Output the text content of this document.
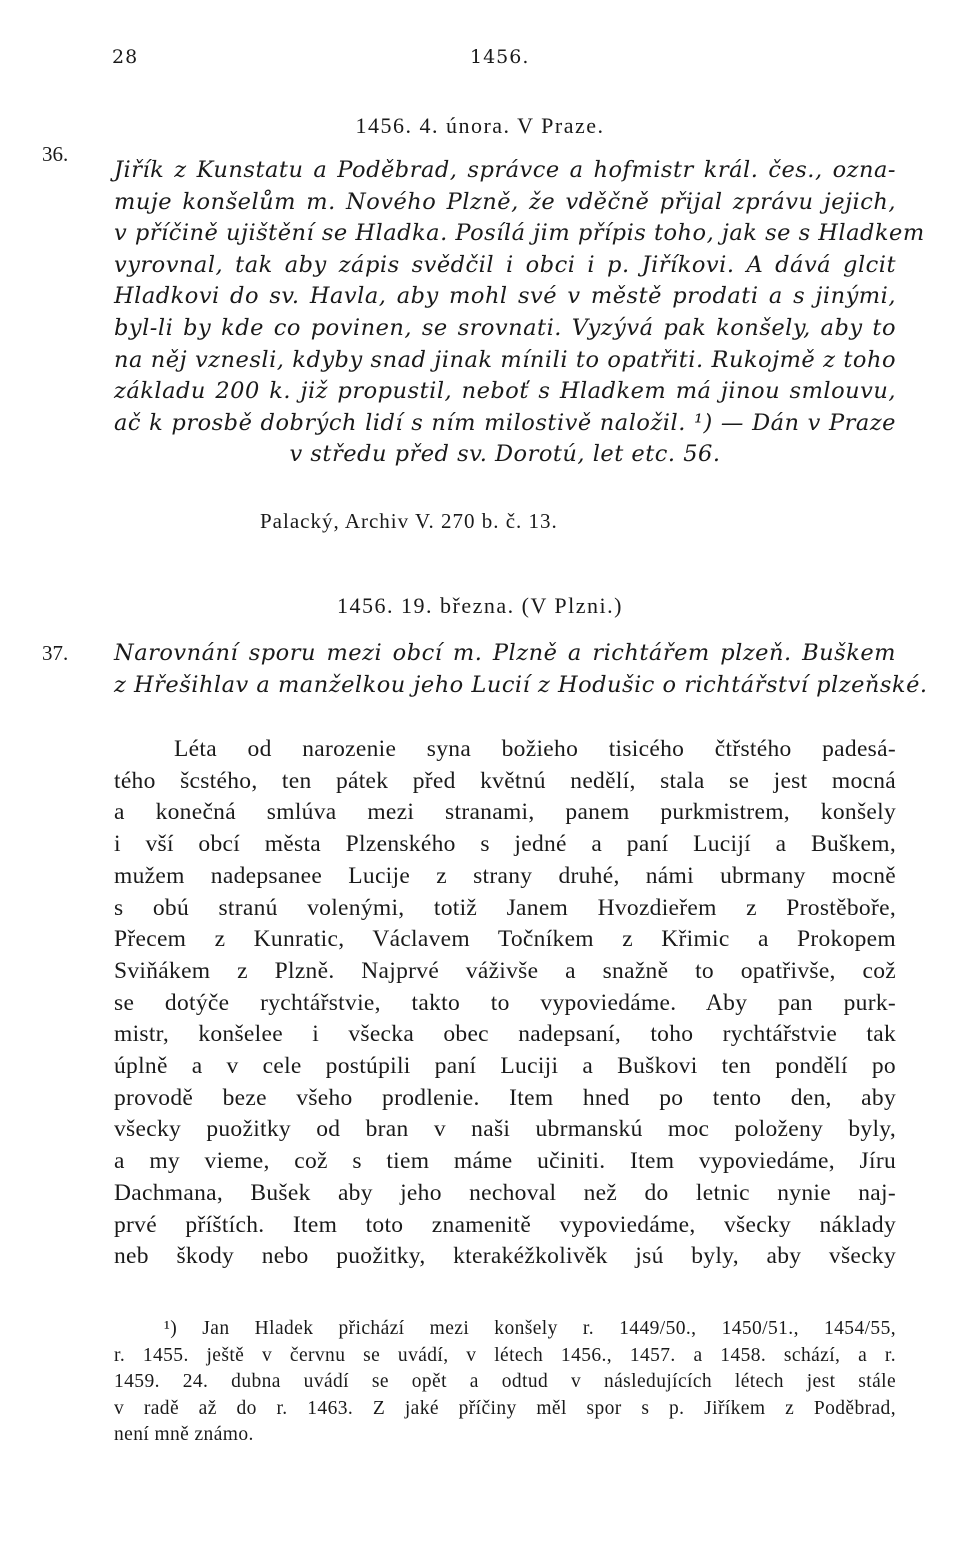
28	1456.
36.
1456. 4. února. V Praze.
Jiřík z Kunstatu a Poděbrad, správce a hofmistr král. čes., ozna-
muje konšelům m. Nového Plzně, že vděčně přijal zprávu jejich,
v příčině ujištění se Hladka. Posílá jim přípis toho, jak se s Hladkem
vyrovnal, tak aby zápis svědčil i obci i p. Jiříkovi. A dává glcit
Hladkovi do sv. Havla, aby mohl své v městě prodati a s jinými,
byl-li by kde co povinen, se srovnati. Vyzývá pak konšely, aby to
na něj vznesli, kdyby snad jinak mínili to opatřiti. Rukojmě z toho
základu 200 k. již propustil, neboť s Hladkem má jinou smlouvu,
ač k prosbě dobrých lidí s ním milostivě naložil. ¹) — Dán v Praze
v středu před sv. Dorotú, let etc. 56.
Palacký, Archiv V. 270 b. č. 13.
1456. 19. března. (V Plzni.)
37. Narovnání sporu mezi obcí m. Plzně a richtářem plzeň. Buškem
z Hřešihlav a manželkou jeho Lucií z Hodušic o richtářství plzeňské.
Léta od narozenie syna božieho tisicého čtřstého padesá-
tého šcstého, ten pátek před květnú nedělí, stala se jest mocná
a konečná smlúva mezi stranami, panem purkmistrem, konšely
i vší obcí města Plzenského s jedné a paní Lucijí a Buškem,
mužem nadepsanee Lucije z strany druhé, námi ubrmany mocně
s obú stranú volenými, totiž Janem Hvozdieřem z Prostěboře,
Přecem z Kunratic, Václavem Točníkem z Křimic a Prokopem
Sviňákem z Plzně. Najprvé váživše a snažně to opatřivše, což
se dotýče rychtářstvie, takto to vypoviedáme. Aby pan purk-
mistr, konšelee i všecka obec nadepsaní, toho rychtářstvie tak
úplně a v cele postúpili paní Luciji a Buškovi ten pondělí po
provodě beze všeho prodlenie. Item hned po tento den, aby
všecky puožitky od bran v naši ubrmanskú moc položeny byly,
a my vieme, což s tiem máme učiniti. Item vypoviedáme, Jíru
Dachmana, Bušek aby jeho nechoval než do letnic nynie naj-
prvé příštích. Item toto znamenitě vypoviedáme, všecky náklady
neb škody nebo puožitky, kterakéžkolivěk jsú byly, aby všecky
¹) Jan Hladek přichází mezi konšely r. 1449/50., 1450/51., 1454/55,
r. 1455. ještě v červnu se uvádí, v létech 1456., 1457. a 1458. schází, a r.
1459. 24. dubna uvádí se opět a odtud v následujících létech jest stále
v radě až do r. 1463. Z jaké příčiny měl spor s p. Jiříkem z Poděbrad,
není mně známo.
